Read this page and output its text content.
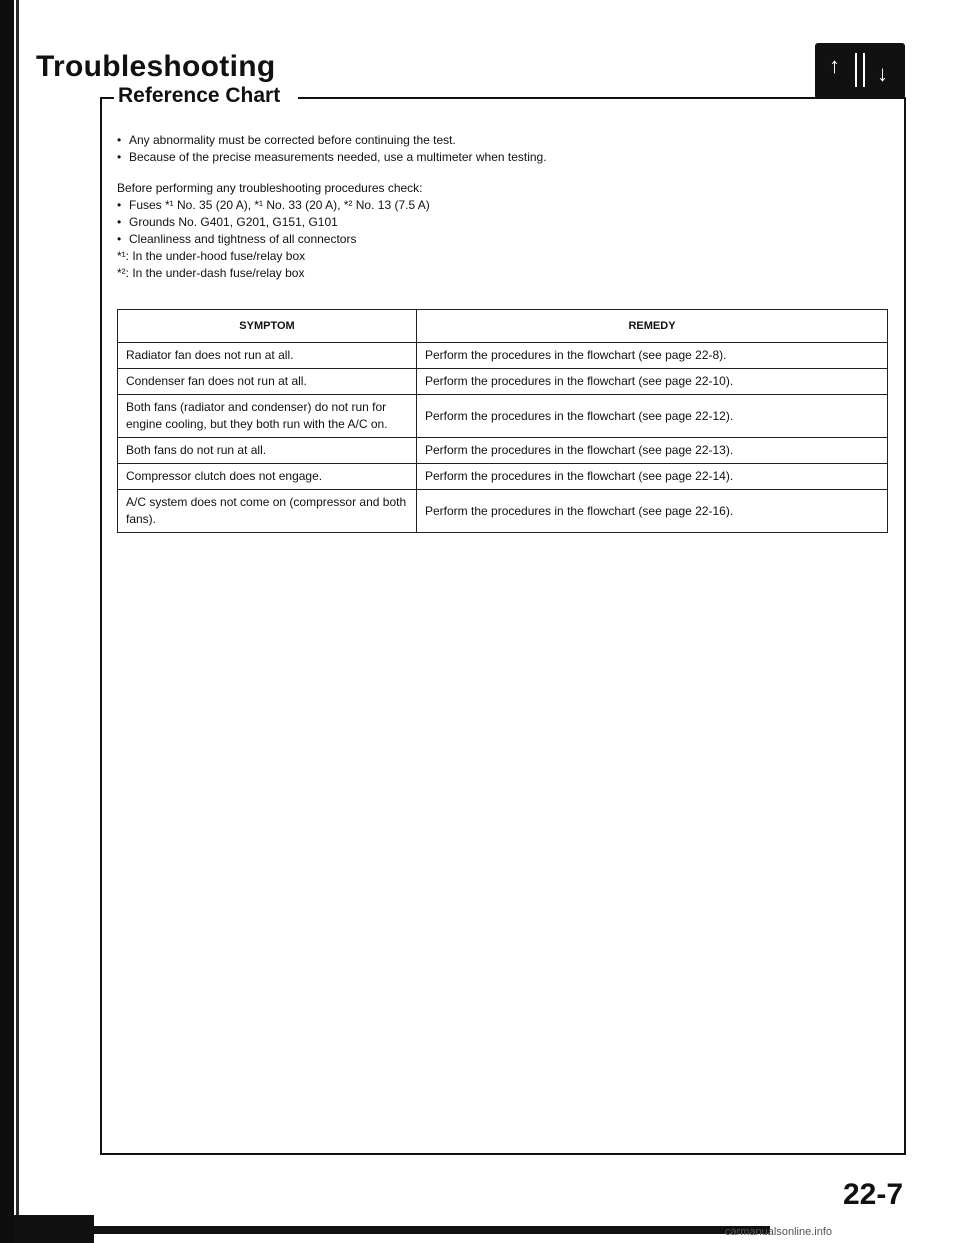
Troubleshooting	↑ ↓
Reference Chart
• Any abnormality must be corrected before continuing the test.
• Because of the precise measurements needed, use a multimeter when testing.
Before performing any troubleshooting procedures check:
• Fuses *¹ No. 35 (20 A), *¹ No. 33 (20 A), *² No. 13 (7.5 A)
• Grounds No. G401, G201, G151, G101
• Cleanliness and tightness of all connectors
*¹: In the under-hood fuse/relay box
*²: In the under-dash fuse/relay box
SYMPTOM	REMEDY
Radiator fan does not run at all.	Perform the procedures in the flowchart (see page 22-8).
Condenser fan does not run at all.	Perform the procedures in the flowchart (see page 22-10).
Both fans (radiator and condenser) do not run for engine cooling, but they both run with the A/C on.	Perform the procedures in the flowchart (see page 22-12).
Both fans do not run at all.	Perform the procedures in the flowchart (see page 22-13).
Compressor clutch does not engage.	Perform the procedures in the flowchart (see page 22-14).
A/C system does not come on (compressor and both fans).	Perform the procedures in the flowchart (see page 22-16).
22-7
carmanualsonline.info
